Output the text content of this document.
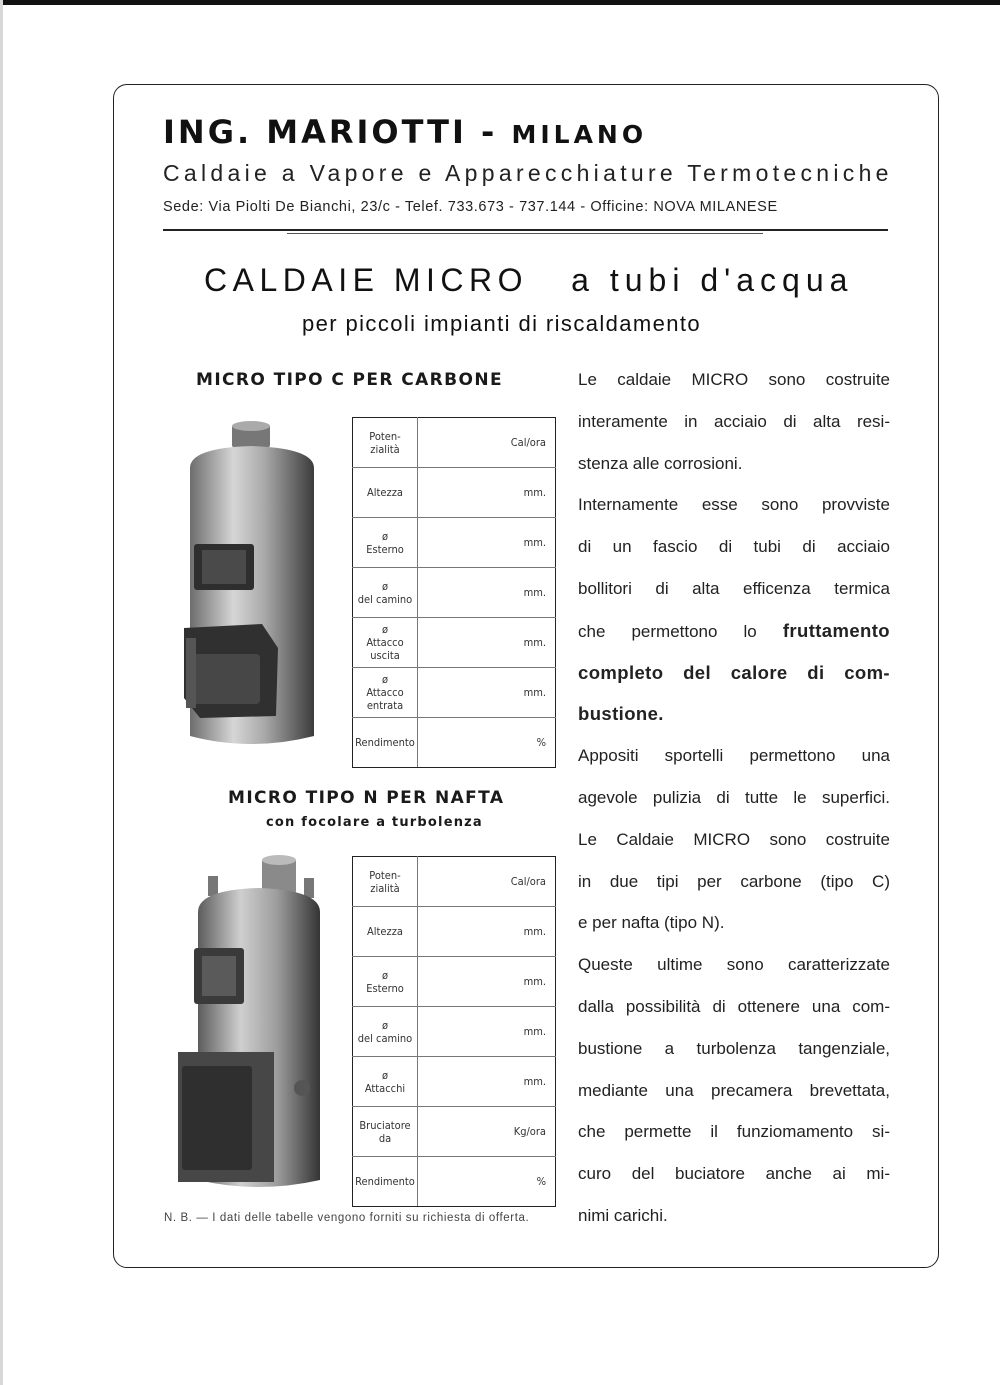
ING. MARIOTTI - MILANO
Caldaie a Vapore e Apparecchiature Termotecniche
Sede: Via Piolti De Bianchi, 23/c - Telef. 733.673 - 737.144 - Officine: NOVA MILANESE
CALDAIE MICRO a tubi d'acqua
per piccoli impianti di riscaldamento
MICRO TIPO C PER CARBONE
Poten-
zialità	Cal/ora

Altezza	mm.

ø
Esterno	mm.

ø
del camino	mm.

ø
Attacco
uscita	mm.

ø
Attacco
entrata	mm.

Rendimento	%
MICRO TIPO N PER NAFTA
con focolare a turbolenza
Poten-
zialità	Cal/ora

Altezza	mm.

ø
Esterno	mm.

ø
del camino	mm.

ø
Attacchi	mm.

Bruciatore
da	Kg/ora

Rendimento	%
N. B. — I dati delle tabelle vengono forniti su richiesta di offerta.
Le caldaie MICRO sono costruite
interamente in acciaio di alta resi-
stenza alle corrosioni.
Internamente esse sono provviste
di un fascio di tubi di acciaio
bollitori di alta efficenza termica
che permettono lo fruttamento
completo del calore di com-
bustione.
Appositi sportelli permettono una
agevole pulizia di tutte le superfici.
Le Caldaie MICRO sono costruite
in due tipi per carbone (tipo C)
e per nafta (tipo N).
Queste ultime sono caratterizzate
dalla possibilità di ottenere una com-
bustione a turbolenza tangenziale,
mediante una precamera brevettata,
che permette il funziomamento si-
curo del buciatore anche ai mi-
nimi carichi.
